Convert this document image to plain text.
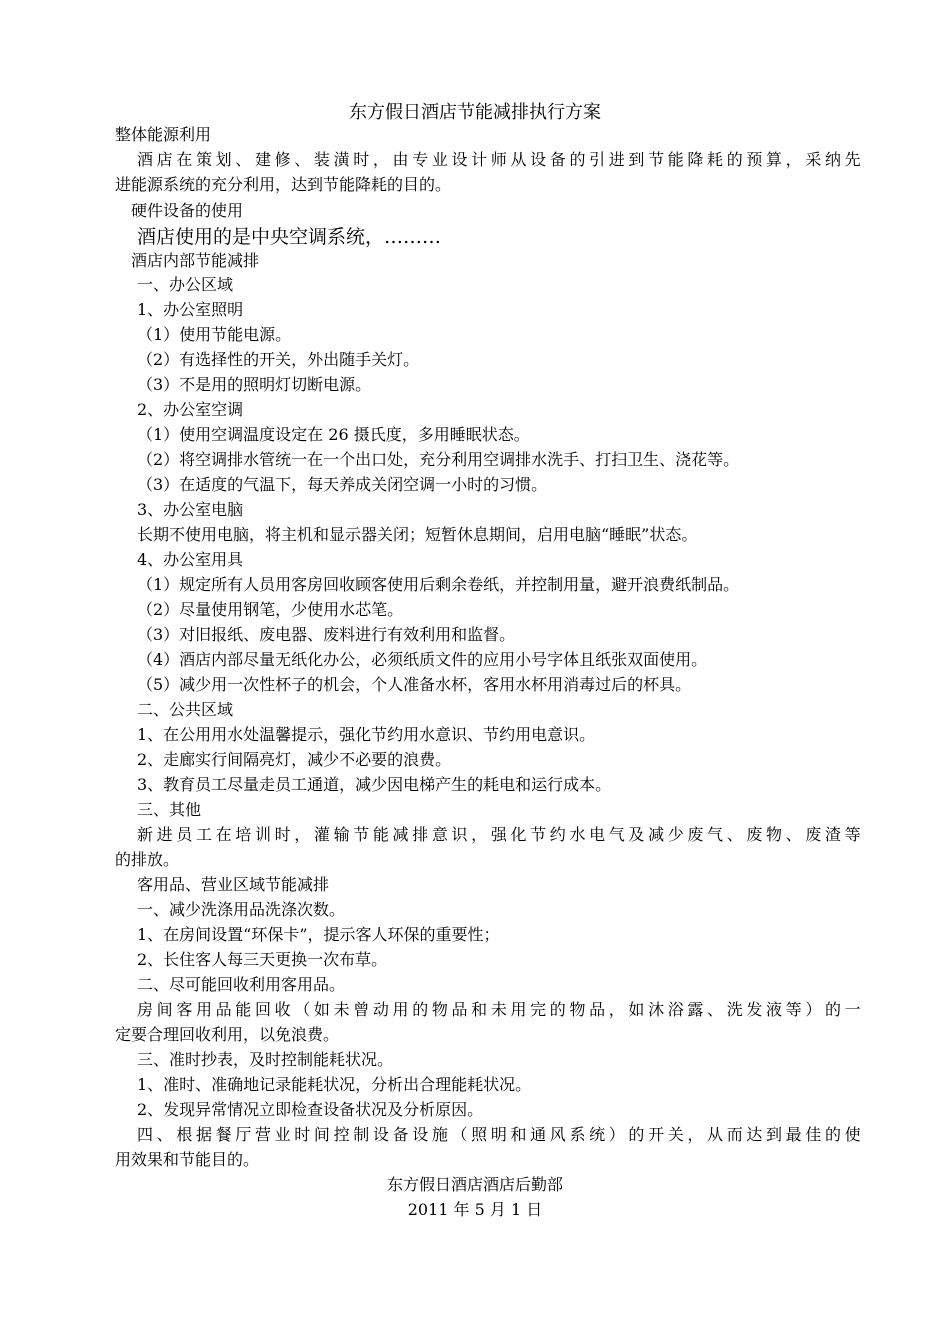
东方假日酒店节能减排执行方案
整体能源利用
酒 店 在 策 划 、 建 修 、 装 潢 时 ， 由 专 业 设 计 师 从 设 备 的 引 进 到 节 能 降 耗 的 预 算 ， 采 纳 先
进能源系统的充分利用，达到节能降耗的目的。
硬件设备的使用
酒店使用的是中央空调系统，………
酒店内部节能减排
一、办公区域
1、办公室照明
（1）使用节能电源。
（2）有选择性的开关，外出随手关灯。
（3）不是用的照明灯切断电源。
2、办公室空调
（1）使用空调温度设定在 26 摄氏度，多用睡眠状态。
（2）将空调排水管统一在一个出口处，充分利用空调排水洗手、打扫卫生、浇花等。
（3）在适度的气温下，每天养成关闭空调一小时的习惯。
3、办公室电脑
长期不使用电脑，将主机和显示器关闭；短暂休息期间，启用电脑“睡眠”状态。
4、办公室用具
（1）规定所有人员用客房回收顾客使用后剩余卷纸，并控制用量，避开浪费纸制品。
（2）尽量使用钢笔，少使用水芯笔。
（3）对旧报纸、废电器、废料进行有效利用和监督。
（4）酒店内部尽量无纸化办公，必须纸质文件的应用小号字体且纸张双面使用。
（5）减少用一次性杯子的机会，个人准备水杯，客用水杯用消毒过后的杯具。
二、公共区域
1、在公用用水处温馨提示，强化节约用水意识、节约用电意识。
2、走廊实行间隔亮灯，减少不必要的浪费。
3、教育员工尽量走员工通道，减少因电梯产生的耗电和运行成本。
三、其他
新 进 员 工 在 培 训 时 ， 灌 输 节 能 减 排 意 识 ， 强 化 节 约 水 电 气 及 减 少 废 气 、 废 物 、 废 渣 等
的排放。
客用品、营业区域节能减排
一、减少洗涤用品洗涤次数。
1、在房间设置“环保卡”，提示客人环保的重要性；
2、长住客人每三天更换一次布草。
二、尽可能回收利用客用品。
房 间 客 用 品 能 回 收 （ 如 未 曾 动 用 的 物 品 和 未 用 完 的 物 品 ， 如 沐 浴 露 、 洗 发 液 等 ） 的 一
定要合理回收利用，以免浪费。
三、准时抄表，及时控制能耗状况。
1、准时、准确地记录能耗状况，分析出合理能耗状况。
2、发现异常情况立即检查设备状况及分析原因。
四 、 根 据 餐 厅 营 业 时 间 控 制 设 备 设 施 （ 照 明 和 通 风 系 统 ） 的 开 关 ， 从 而 达 到 最 佳 的 使
用效果和节能目的。
东方假日酒店酒店后勤部
2011 年 5 月 1 日
